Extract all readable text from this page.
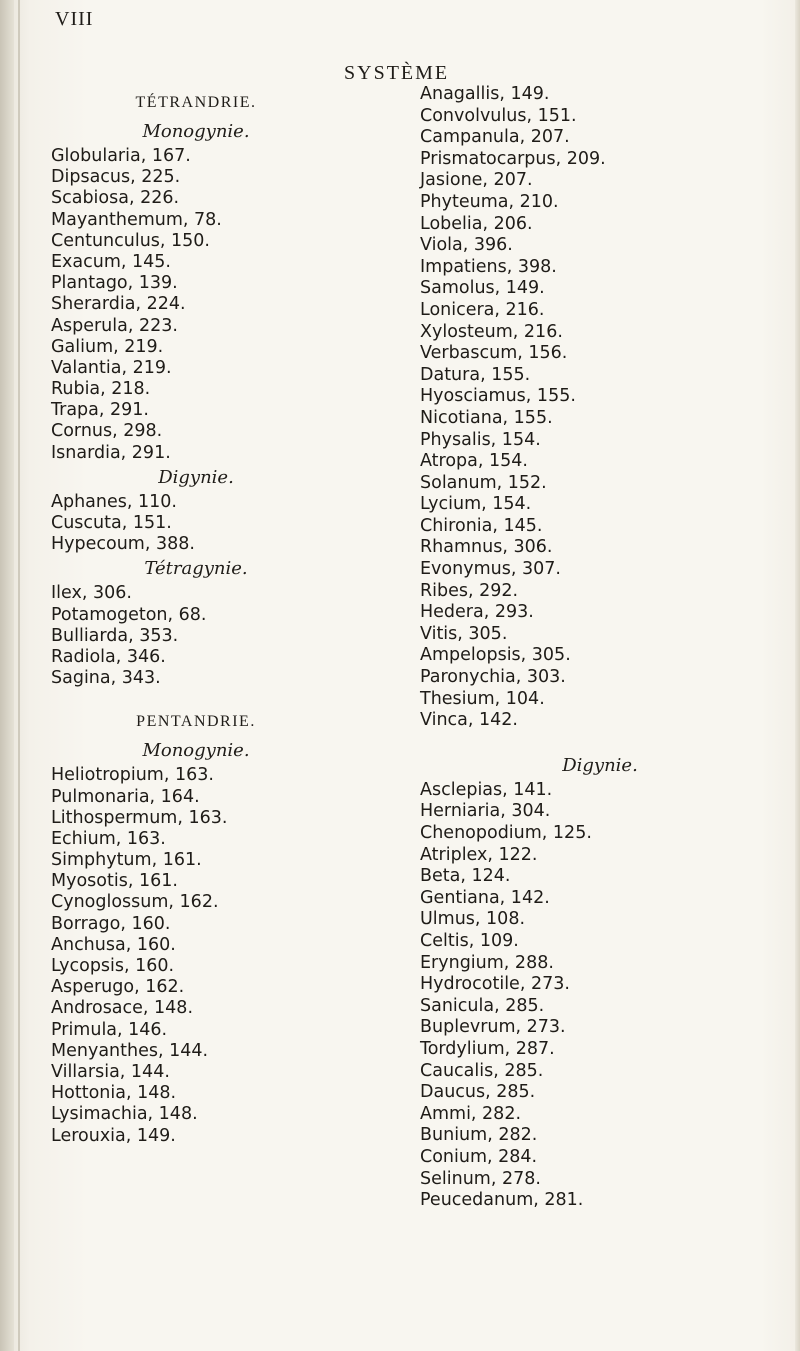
VIII
SYSTÈME
TÉTRANDRIE.
Monogynie.
Globularia, 167.
Dipsacus, 225.
Scabiosa, 226.
Mayanthemum, 78.
Centunculus, 150.
Exacum, 145.
Plantago, 139.
Sherardia, 224.
Asperula, 223.
Galium, 219.
Valantia, 219.
Rubia, 218.
Trapa, 291.
Cornus, 298.
Isnardia, 291.
Digynie.
Aphanes, 110.
Cuscuta, 151.
Hypecoum, 388.
Tétragynie.
Ilex, 306.
Potamogeton, 68.
Bulliarda, 353.
Radiola, 346.
Sagina, 343.
PENTANDRIE.
Monogynie.
Heliotropium, 163.
Pulmonaria, 164.
Lithospermum, 163.
Echium, 163.
Simphytum, 161.
Myosotis, 161.
Cynoglossum, 162.
Borrago, 160.
Anchusa, 160.
Lycopsis, 160.
Asperugo, 162.
Androsace, 148.
Primula, 146.
Menyanthes, 144.
Villarsia, 144.
Hottonia, 148.
Lysimachia, 148.
Lerouxia, 149.
Anagallis, 149.
Convolvulus, 151.
Campanula, 207.
Prismatocarpus, 209.
Jasione, 207.
Phyteuma, 210.
Lobelia, 206.
Viola, 396.
Impatiens, 398.
Samolus, 149.
Lonicera, 216.
Xylosteum, 216.
Verbascum, 156.
Datura, 155.
Hyosciamus, 155.
Nicotiana, 155.
Physalis, 154.
Atropa, 154.
Solanum, 152.
Lycium, 154.
Chironia, 145.
Rhamnus, 306.
Evonymus, 307.
Ribes, 292.
Hedera, 293.
Vitis, 305.
Ampelopsis, 305.
Paronychia, 303.
Thesium, 104.
Vinca, 142.
Digynie.
Asclepias, 141.
Herniaria, 304.
Chenopodium, 125.
Atriplex, 122.
Beta, 124.
Gentiana, 142.
Ulmus, 108.
Celtis, 109.
Eryngium, 288.
Hydrocotile, 273.
Sanicula, 285.
Buplevrum, 273.
Tordylium, 287.
Caucalis, 285.
Daucus, 285.
Ammi, 282.
Bunium, 282.
Conium, 284.
Selinum, 278.
Peucedanum, 281.
